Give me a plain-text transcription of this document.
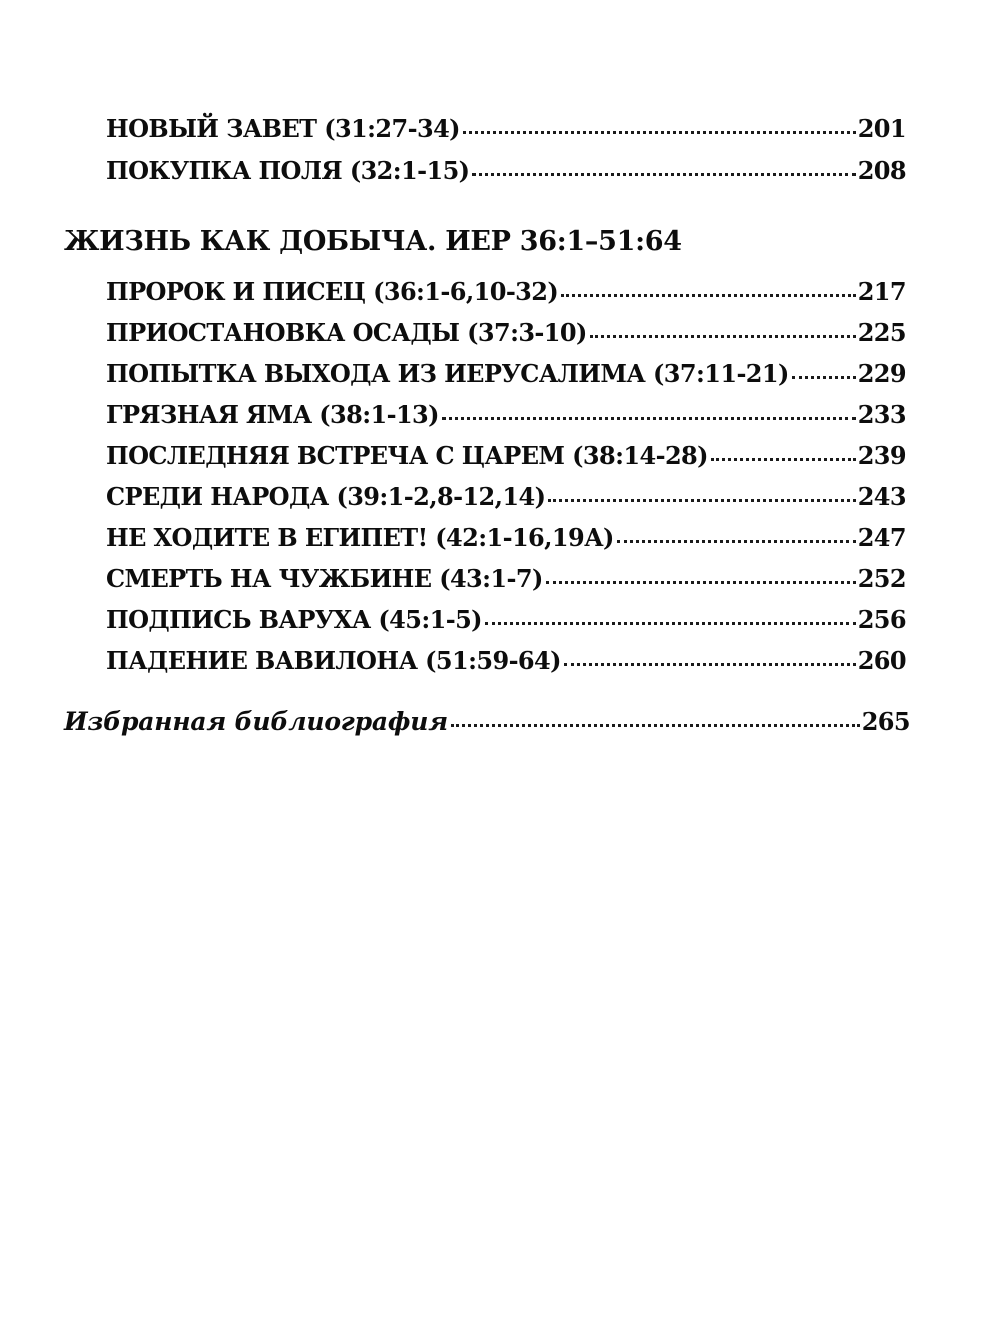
НОВЫЙ ЗАВЕТ (31:27-34)	201
ПОКУПКА ПОЛЯ (32:1-15)	208
ЖИЗНЬ КАК ДОБЫЧА. ИЕР 36:1–51:64
ПРОРОК И ПИСЕЦ (36:1-6,10-32)	217
ПРИОСТАНОВКА ОСАДЫ (37:3-10)	225
ПОПЫТКА ВЫХОДА ИЗ ИЕРУСАЛИМА (37:11-21)	229
ГРЯЗНАЯ ЯМА (38:1-13)	233
ПОСЛЕДНЯЯ ВСТРЕЧА С ЦАРЕМ (38:14-28)	239
СРЕДИ НАРОДА (39:1-2,8-12,14)	243
НЕ ХОДИТЕ В ЕГИПЕТ! (42:1-16,19А)	247
СМЕРТЬ НА ЧУЖБИНЕ (43:1-7)	252
ПОДПИСЬ ВАРУХА (45:1-5)	256
ПАДЕНИЕ ВАВИЛОНА (51:59-64)	260
Избранная библиография	265
